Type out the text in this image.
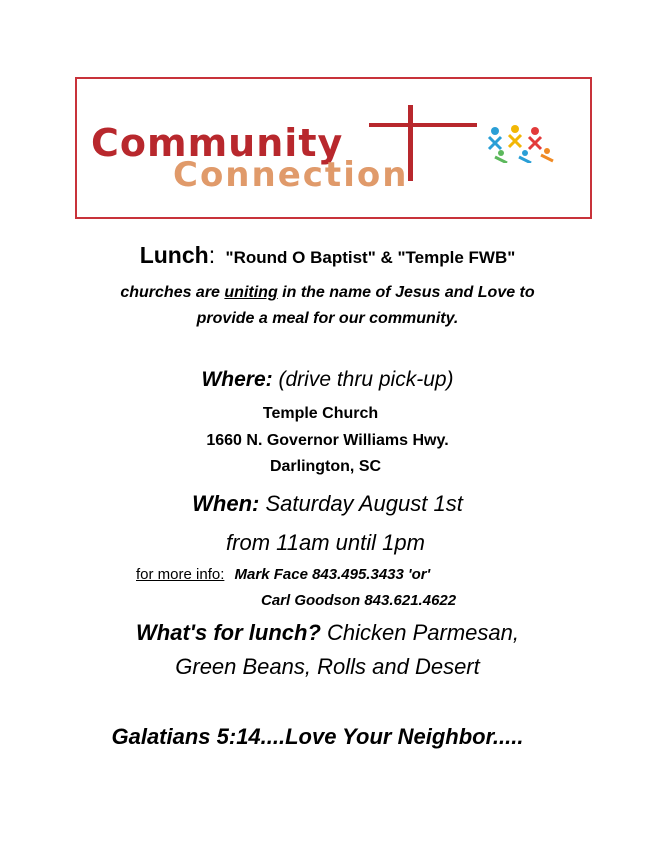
Community
Connection
Lunch: "Round O Baptist" & "Temple FWB"
churches are uniting in the name of Jesus and Love to
provide a meal for our community.
Where: (drive thru pick-up)
Temple Church
1660 N. Governor Williams Hwy.
Darlington, SC
When: Saturday August 1st
from 11am until 1pm
for more info: Mark Face 843.495.3433 'or'
Carl Goodson 843.621.4622
What's for lunch? Chicken Parmesan,
Green Beans, Rolls and Desert
Galatians 5:14....Love Your Neighbor.....
